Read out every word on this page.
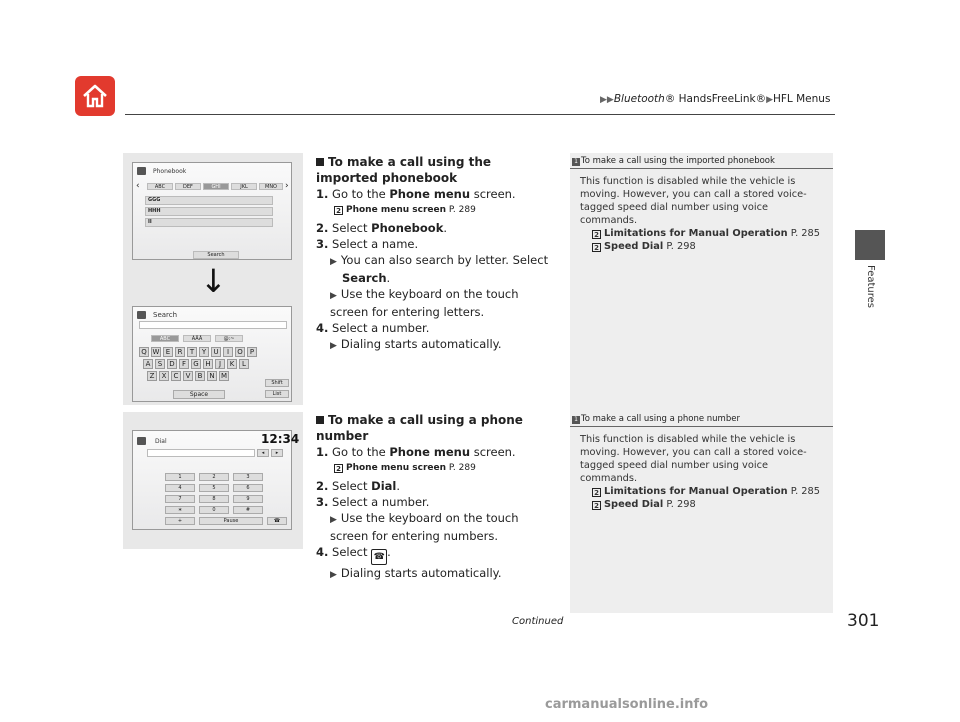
▶▶Bluetooth® HandsFreeLink®▶HFL Menus
Features
Phonebook
‹	›
ABC	DEF	GHI	JKL	MNO
GGG
HHH
II
Search
↓
Search
ABC	ÀÄÂ	@:~
Q W E	R	T	Y	U	I	O	P
A	S	D	F	G H	J	K	L
Z	X	C	V	B N M
Shift
Space	List
Dial	12:34
◂	▸
1	2	3
4	5	6
7	8	9
∗	0	#
+	Pause	☎
To make a call using the imported phonebook
1. Go to the Phone menu screen.
2 Phone menu screen P. 289
2. Select Phonebook.
3. Select a name.
▶ You can also search by letter. Select
Search.
▶ Use the keyboard on the touch screen for entering letters.
4. Select a number.
▶ Dialing starts automatically.
To make a call using a phone number
1. Go to the Phone menu screen.
2 Phone menu screen P. 289
2. Select Dial.
3. Select a number.
▶ Use the keyboard on the touch screen for entering numbers.
4. Select ☎ .
▶ Dialing starts automatically.
1 To make a call using the imported phonebook
This function is disabled while the vehicle is moving. However, you can call a stored voice-tagged speed dial number using voice commands.
2 Limitations for Manual Operation P. 285
2 Speed Dial P. 298
1 To make a call using a phone number
This function is disabled while the vehicle is moving. However, you can call a stored voice-tagged speed dial number using voice commands.
2 Limitations for Manual Operation P. 285
2 Speed Dial P. 298
Continued	301
carmanualsonline.info
